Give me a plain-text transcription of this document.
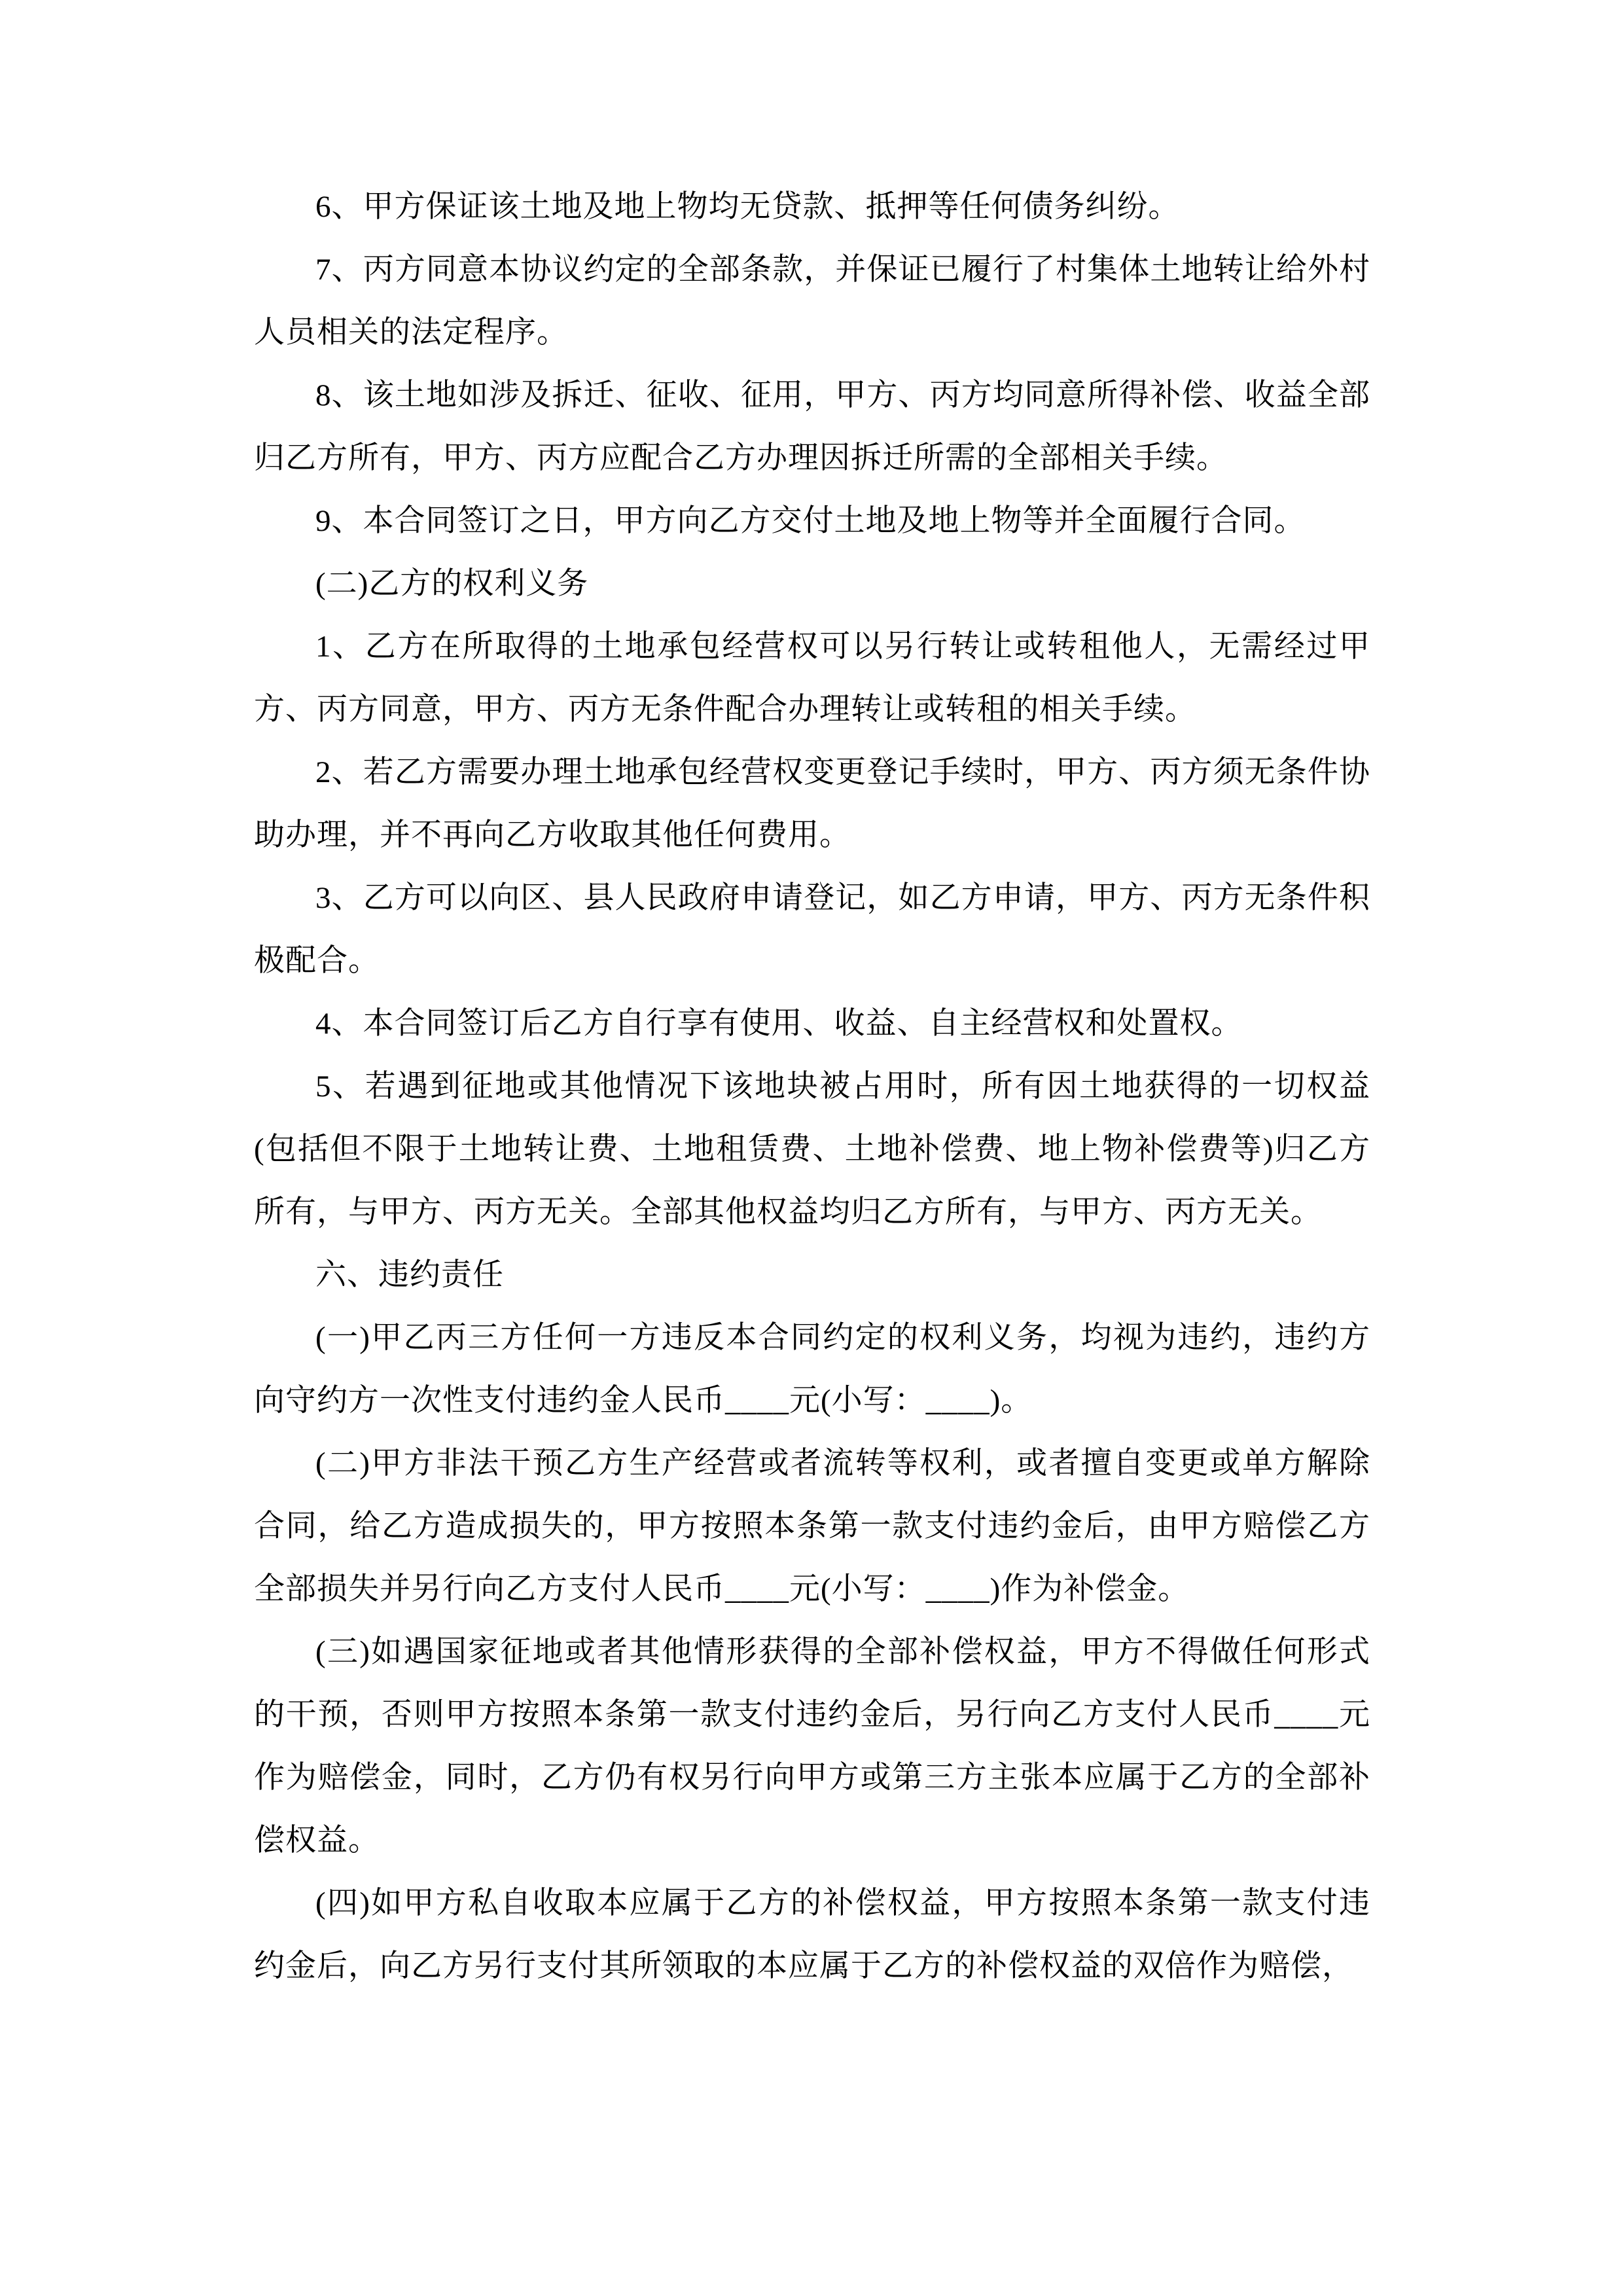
6、甲方保证该土地及地上物均无贷款、抵押等任何债务纠纷。

7、丙方同意本协议约定的全部条款，并保证已履行了村集体土地转让给外村人员相关的法定程序。

8、该土地如涉及拆迁、征收、征用，甲方、丙方均同意所得补偿、收益全部归乙方所有，甲方、丙方应配合乙方办理因拆迁所需的全部相关手续。

9、本合同签订之日，甲方向乙方交付土地及地上物等并全面履行合同。

(二)乙方的权利义务

1、乙方在所取得的土地承包经营权可以另行转让或转租他人，无需经过甲方、丙方同意，甲方、丙方无条件配合办理转让或转租的相关手续。

2、若乙方需要办理土地承包经营权变更登记手续时，甲方、丙方须无条件协助办理，并不再向乙方收取其他任何费用。

3、乙方可以向区、县人民政府申请登记，如乙方申请，甲方、丙方无条件积极配合。

4、本合同签订后乙方自行享有使用、收益、自主经营权和处置权。

5、若遇到征地或其他情况下该地块被占用时，所有因土地获得的一切权益(包括但不限于土地转让费、土地租赁费、土地补偿费、地上物补偿费等)归乙方所有，与甲方、丙方无关。全部其他权益均归乙方所有，与甲方、丙方无关。

六、违约责任

(一)甲乙丙三方任何一方违反本合同约定的权利义务，均视为违约，违约方向守约方一次性支付违约金人民币____元(小写：____)。

(二)甲方非法干预乙方生产经营或者流转等权利，或者擅自变更或单方解除合同，给乙方造成损失的，甲方按照本条第一款支付违约金后，由甲方赔偿乙方全部损失并另行向乙方支付人民币____元(小写：____)作为补偿金。

(三)如遇国家征地或者其他情形获得的全部补偿权益，甲方不得做任何形式的干预，否则甲方按照本条第一款支付违约金后，另行向乙方支付人民币____元作为赔偿金，同时，乙方仍有权另行向甲方或第三方主张本应属于乙方的全部补偿权益。

(四)如甲方私自收取本应属于乙方的补偿权益，甲方按照本条第一款支付违约金后，向乙方另行支付其所领取的本应属于乙方的补偿权益的双倍作为赔偿，
